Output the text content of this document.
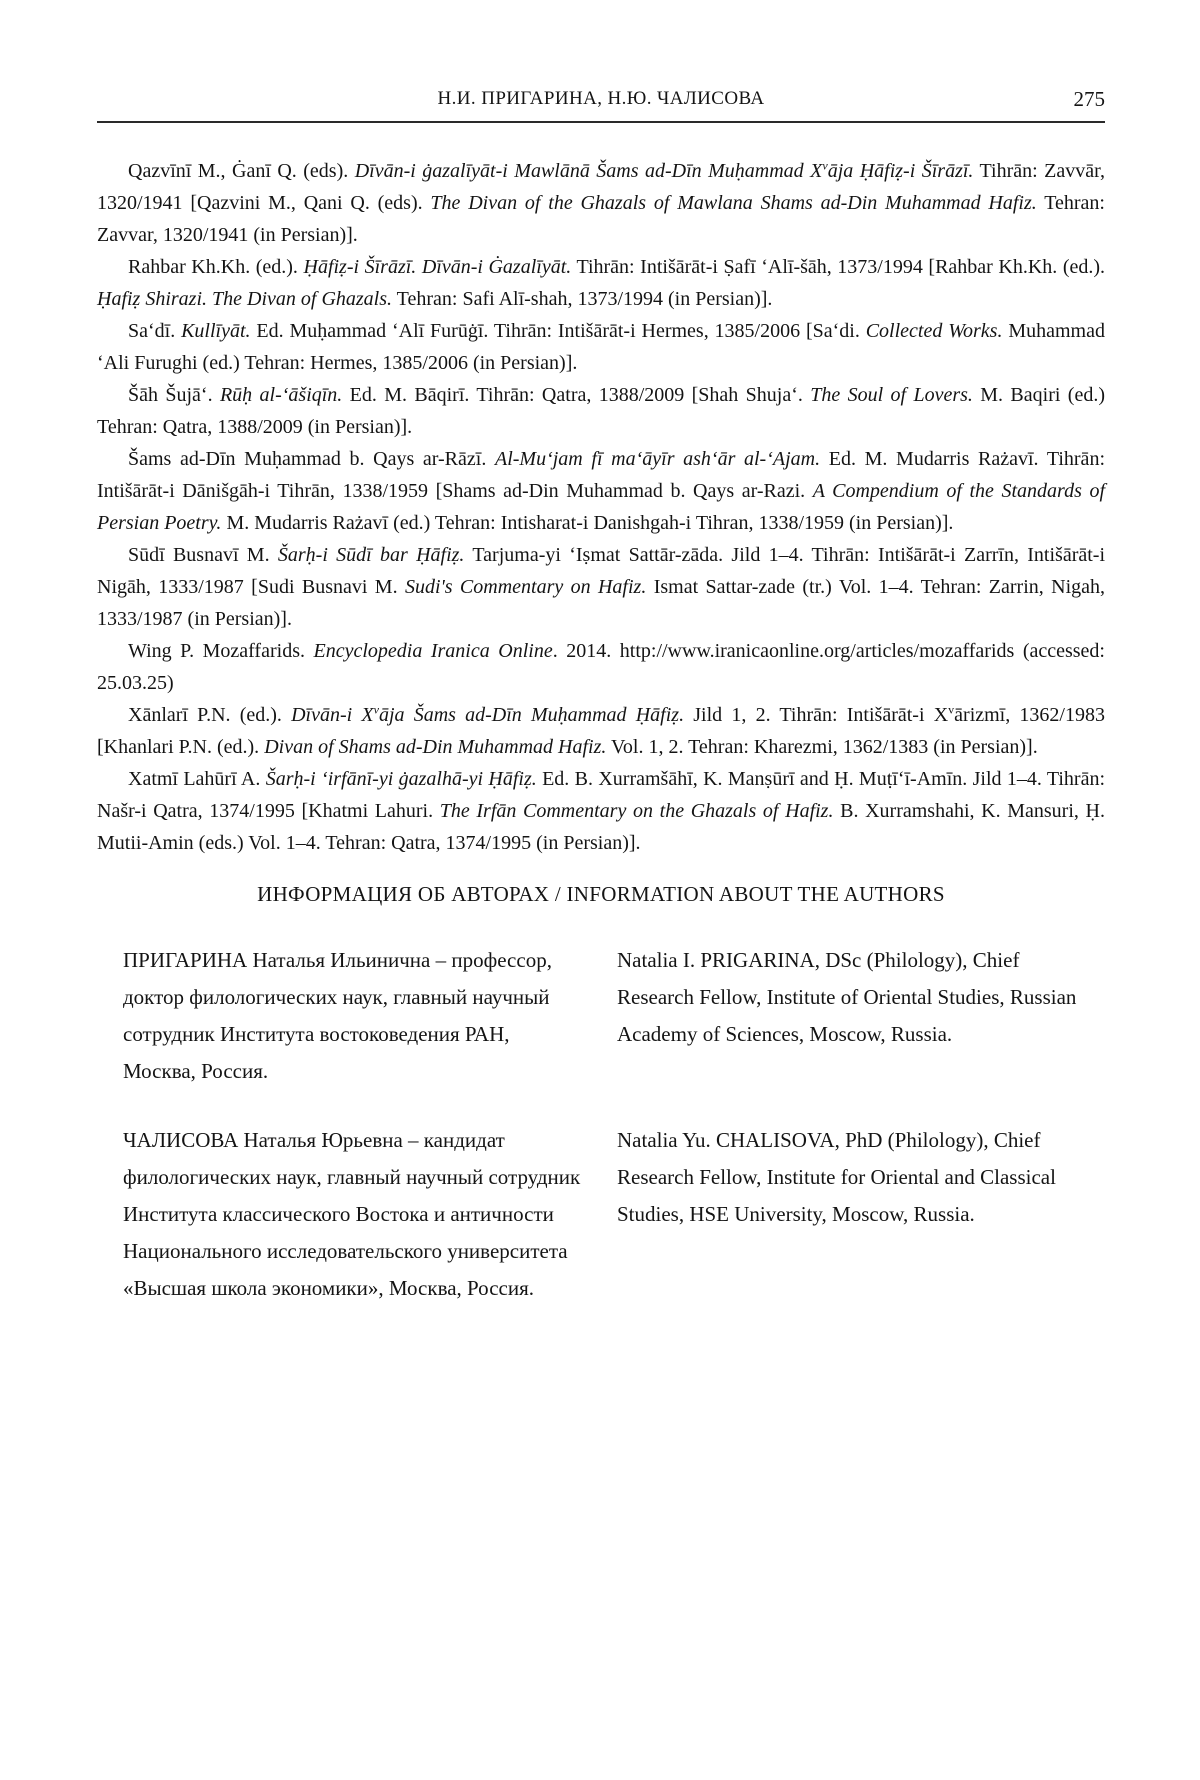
Н.И. ПРИГАРИНА, Н.Ю. ЧАЛИСОВА	275

Qazvīnī M., Ġanī Q. (eds). Dīvān-i ġazalīyāt-i Mawlānā Šams ad-Dīn Muḥammad $X^vāja$ Ḥāfiẓ-i Šīrāzī. Tihrān: Zavvār, 1320/1941 [Qazvini M., Qani Q. (eds). The Divan of the Ghazals of Mawlana Shams ad-Din Muhammad Hafiz. Tehran: Zavvar, 1320/1941 (in Persian)].

Rahbar Kh.Kh. (ed.). Ḥāfiẓ-i Šīrāzī. Dīvān-i Ġazalīyāt. Tihrān: Intišārāt-i Ṣafī ʻAlī-šāh, 1373/1994 [Rahbar Kh.Kh. (ed.). Ḥafiẓ Shirazi. The Divan of Ghazals. Tehran: Safi Alī-shah, 1373/1994 (in Persian)].

Saʻdī. Kullīyāt. Ed. Muḥammad ʻAlī Furūġī. Tihrān: Intišārāt-i Hermes, 1385/2006 [Saʻdi. Collected Works. Muhammad ʻAli Furughi (ed.) Tehran: Hermes, 1385/2006 (in Persian)].

Šāh Šujāʻ. Rūḥ al-ʻāšiqīn. Ed. M. Bāqirī. Tihrān: Qatra, 1388/2009 [Shah Shujaʻ. The Soul of Lovers. M. Baqiri (ed.) Tehran: Qatra, 1388/2009 (in Persian)].

Šams ad-Dīn Muḥammad b. Qays ar-Rāzī. Al-Muʻjam fī maʻāyīr ashʻār al-ʻAjam. Ed. M. Mudarris Rażavī. Tihrān: Intišārāt-i Dānišgāh-i Tihrān, 1338/1959 [Shams ad-Din Muhammad b. Qays ar-Razi. A Compendium of the Standards of Persian Poetry. M. Mudarris Rażavī (ed.) Tehran: Intisharat-i Danishgah-i Tihran, 1338/1959 (in Persian)].

Sūdī Busnavī M. Šarḥ-i Sūdī bar Ḥāfiẓ. Tarjuma-yi ʻIṣmat Sattār-zāda. Jild 1–4. Tihrān: Intišārāt-i Zarrīn, Intišārāt-i Nigāh, 1333/1987 [Sudi Busnavi M. Sudi's Commentary on Hafiz. Ismat Sattar-zade (tr.) Vol. 1–4. Tehran: Zarrin, Nigah, 1333/1987 (in Persian)].

Wing P. Mozaffarids. Encyclopedia Iranica Online. 2014. http://www.iranicaonline.org/articles/mozaffarids (accessed: 25.03.25)

Xānlarī P.N. (ed.). Dīvān-i $X^vāja$ Šams ad-Dīn Muḥammad Ḥāfiẓ. Jild 1, 2. Tihrān: Intišārāt-i $X^vārizmī$, 1362/1983 [Khanlari P.N. (ed.). Divan of Shams ad-Din Muhammad Hafiz. Vol. 1, 2. Tehran: Kharezmi, 1362/1383 (in Persian)].

Xatmī Lahūrī A. Šarḥ-i ʻirfānī-yi ġazalhā-yi Ḥāfiẓ. Ed. B. Xurramšāhī, K. Manṣūrī and Ḥ. Muṭīʻī-Amīn. Jild 1–4. Tihrān: Našr-i Qatra, 1374/1995 [Khatmi Lahuri. The Irfān Commentary on the Ghazals of Hafiz. B. Xurramshahi, K. Mansuri, Ḥ. Mutii-Amin (eds.) Vol. 1–4. Tehran: Qatra, 1374/1995 (in Persian)].

ИНФОРМАЦИЯ ОБ АВТОРАХ / INFORMATION ABOUT THE AUTHORS
ПРИГАРИНА Наталья Ильинична – профессор, доктор филологических наук, главный научный сотрудник Института востоковедения РАН, Москва, Россия.
Natalia I. PRIGARINA, DSc (Philology), Chief Research Fellow, Institute of Oriental Studies, Russian Academy of Sciences, Moscow, Russia.
ЧАЛИСОВА Наталья Юрьевна – кандидат филологических наук, главный научный сотрудник Института классического Востока и античности Национального исследовательского университета «Высшая школа экономики», Москва, Россия.
Natalia Yu. CHALISOVA, PhD (Philology), Chief Research Fellow, Institute for Oriental and Classical Studies, HSE University, Moscow, Russia.
